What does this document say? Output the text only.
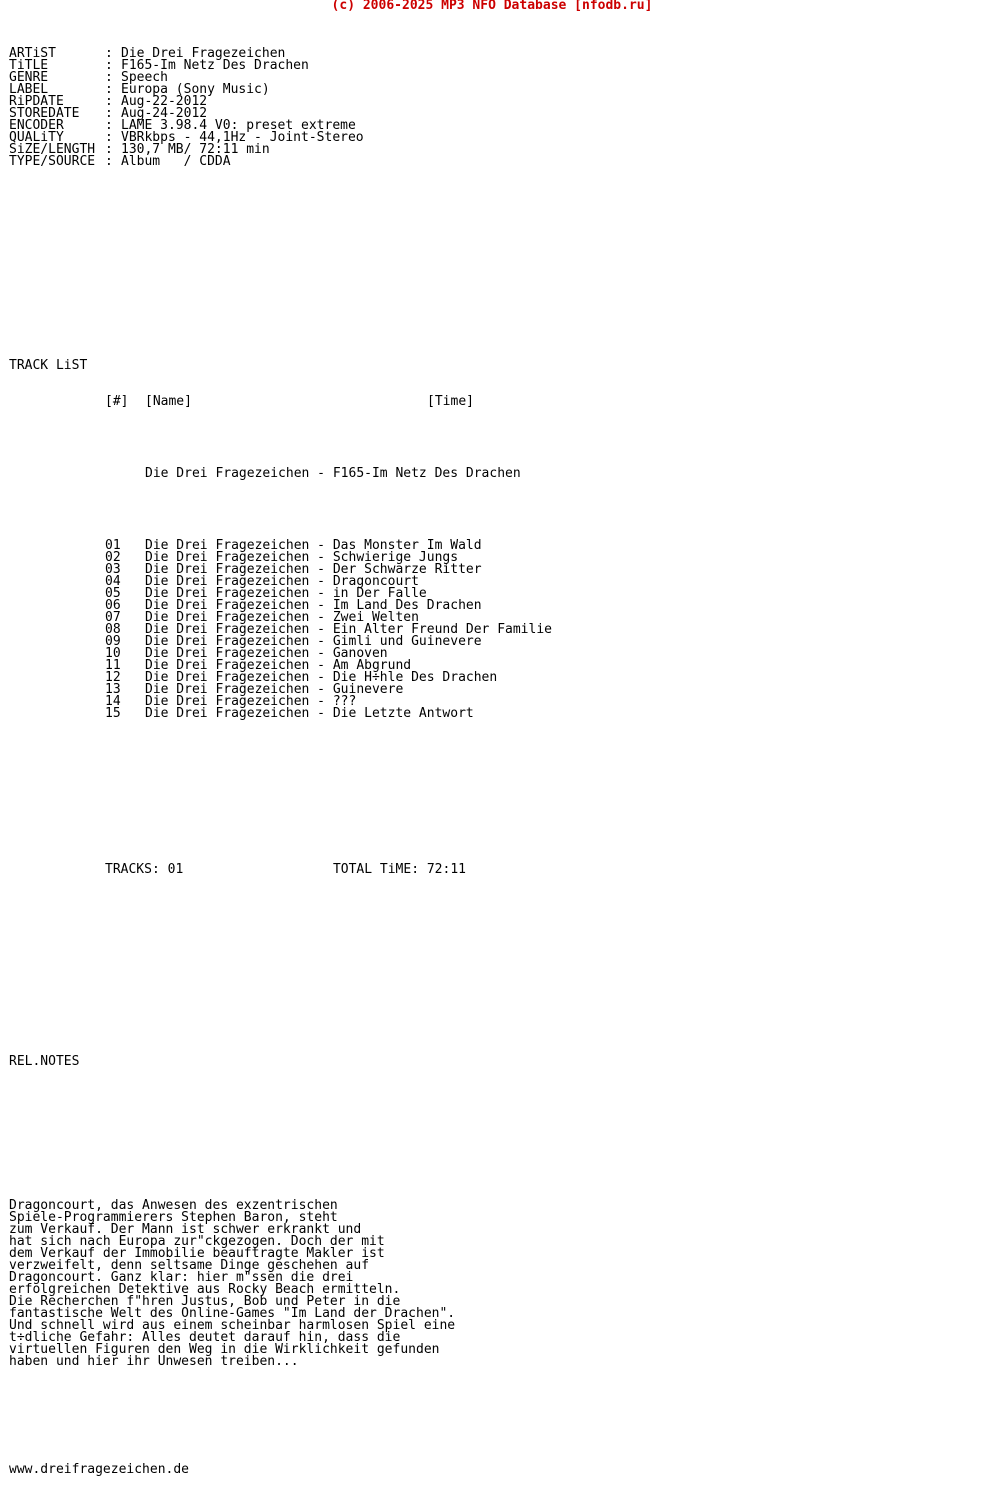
(c) 2006-2025 MP3 NFO Database [nfodb.ru]

ARTiST	: Die Drei Fragezeichen
TiTLE	: F165-Im Netz Des Drachen
GENRE	: Speech
LABEL	: Europa (Sony Music)
RiPDATE	: Aug-22-2012
STOREDATE : Aug-24-2012
ENCODER	: LAME 3.98.4 V0: preset extreme
QUALiTY	: VBRkbps - 44,1Hz - Joint-Stereo
SiZE/LENGTH : 130,7 MB/ 72:11 min
TYPE/SOURCE : Album   / CDDA

TRACK LiST

[#] [Name]	[Time]

Die Drei Fragezeichen - F165-Im Netz Des Drachen

01 Die Drei Fragezeichen - Das Monster Im Wald
02 Die Drei Fragezeichen - Schwierige Jungs
03 Die Drei Fragezeichen - Der Schwarze Ritter
04 Die Drei Fragezeichen - Dragoncourt
05 Die Drei Fragezeichen - in Der Falle
06 Die Drei Fragezeichen - Im Land Des Drachen
07 Die Drei Fragezeichen - Zwei Welten
08 Die Drei Fragezeichen - Ein Alter Freund Der Familie
09 Die Drei Fragezeichen - Gimli und Guinevere
10 Die Drei Fragezeichen - Ganoven
11 Die Drei Fragezeichen - Am Abgrund
12 Die Drei Fragezeichen - Die H÷hle Des Drachen
13 Die Drei Fragezeichen - Guinevere
14 Die Drei Fragezeichen - ???
15 Die Drei Fragezeichen - Die Letzte Antwort

TRACKS: 01	TOTAL TiME: 72:11

REL.NOTES

Dragoncourt, das Anwesen des exzentrischen
Spiele-Programmierers Stephen Baron, steht
zum Verkauf. Der Mann ist schwer erkrankt und
hat sich nach Europa zur"ckgezogen. Doch der mit
dem Verkauf der Immobilie beauftragte Makler ist
verzweifelt, denn seltsame Dinge geschehen auf
Dragoncourt. Ganz klar: hier m"ssen die drei
erfolgreichen Detektive aus Rocky Beach ermitteln.
Die Recherchen f"hren Justus, Bob und Peter in die
fantastische Welt des Online-Games "Im Land der Drachen".
Und schnell wird aus einem scheinbar harmlosen Spiel eine
t÷dliche Gefahr: Alles deutet darauf hin, dass die
virtuellen Figuren den Weg in die Wirklichkeit gefunden
haben und hier ihr Unwesen treiben...

www.dreifragezeichen.de
